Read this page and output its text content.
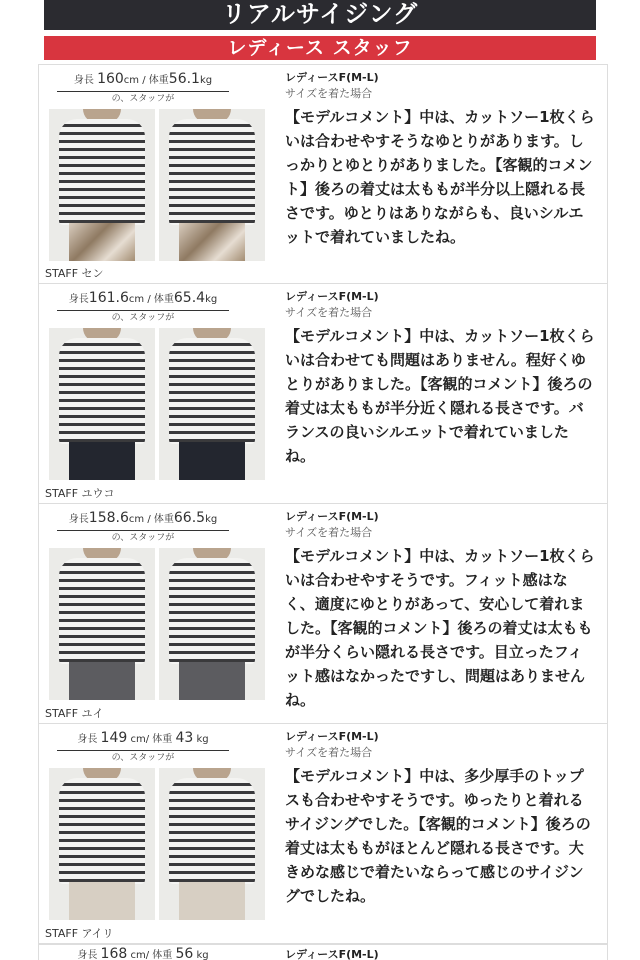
リアルサイジング
レディース スタッフ
身長 160cm / 体重56.1kg
の、スタッフが
STAFF セン
レディースF(M-L)
サイズを着た場合
【モデルコメント】中は、カットソー1枚くらいは合わせやすそうなゆとりがあります。しっかりとゆとりがありました。【客観的コメント】後ろの着丈は太ももが半分以上隠れる長さです。ゆとりはありながらも、良いシルエットで着れていましたね。
身長161.6cm / 体重65.4kg
の、スタッフが
STAFF ユウコ
レディースF(M-L)
サイズを着た場合
【モデルコメント】中は、カットソー1枚くらいは合わせても問題はありません。程好くゆとりがありました。【客観的コメント】後ろの着丈は太ももが半分近く隠れる長さです。バランスの良いシルエットで着れていましたね。
身長158.6cm / 体重66.5kg
の、スタッフが
STAFF ユイ
レディースF(M-L)
サイズを着た場合
【モデルコメント】中は、カットソー1枚くらいは合わせやすそうです。フィット感はなく、適度にゆとりがあって、安心して着れました。【客観的コメント】後ろの着丈は太ももが半分くらい隠れる長さです。目立ったフィット感はなかったですし、問題はありませんね。
身長 149 cm/ 体重 43 kg
の、スタッフが
STAFF アイリ
レディースF(M-L)
サイズを着た場合
【モデルコメント】中は、多少厚手のトップスも合わせやすそうです。ゆったりと着れるサイジングでした。【客観的コメント】後ろの着丈は太ももがほとんど隠れる長さです。大きめな感じで着たいならって感じのサイジングでしたね。
身長 168 cm/ 体重 56 kg	レディースF(M-L)
